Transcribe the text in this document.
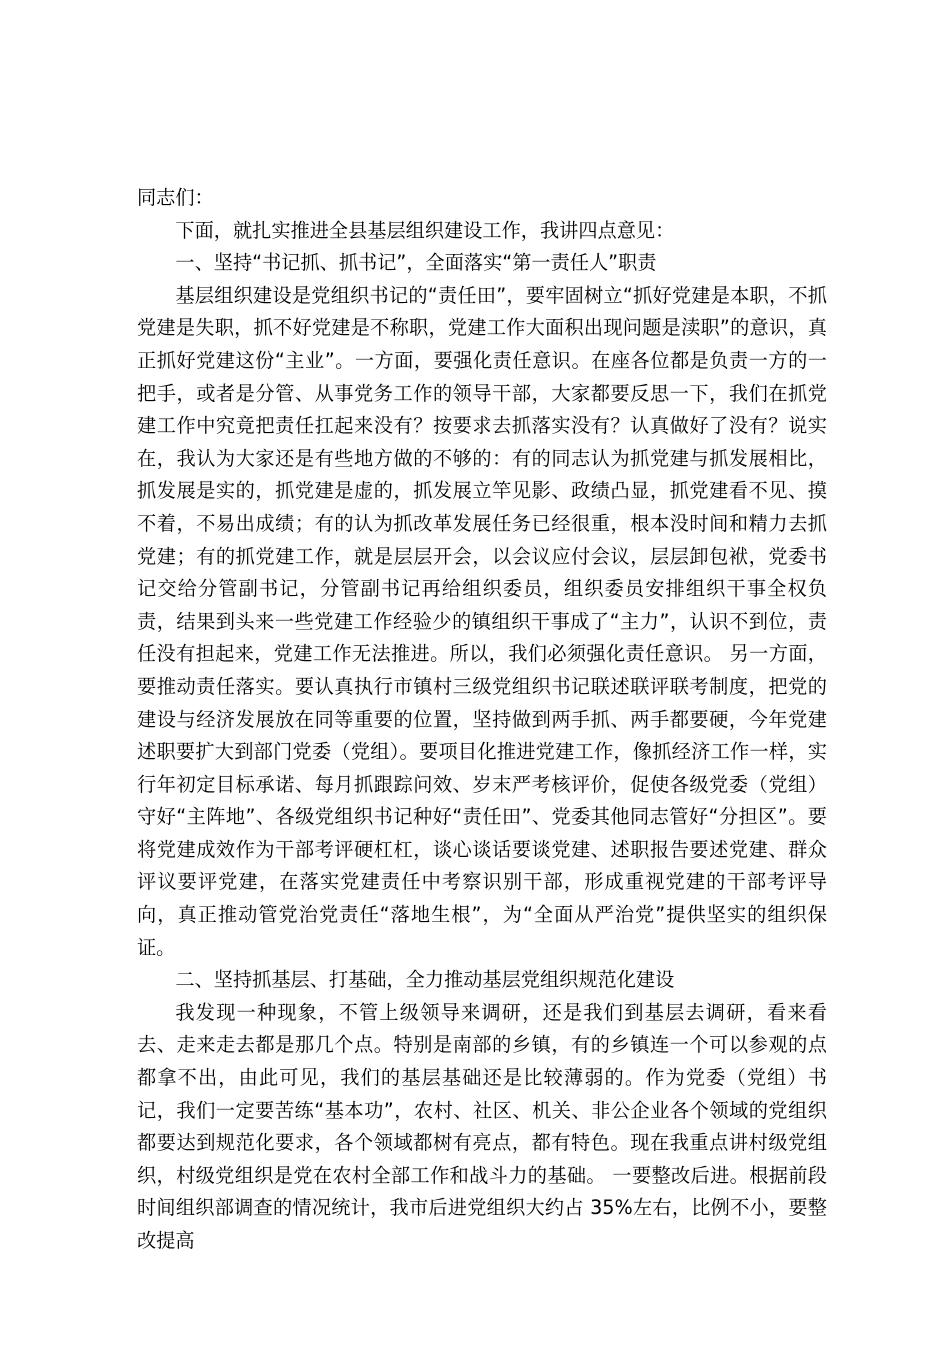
同志们：

下面，就扎实推进全县基层组织建设工作，我讲四点意见：

一、坚持“书记抓、抓书记”，全面落实“第一责任人”职责

基层组织建设是党组织书记的“责任田”，要牢固树立“抓好党建是本职，不抓党建是失职，抓不好党建是不称职，党建工作大面积出现问题是渎职”的意识，真正抓好党建这份“主业”。一方面，要强化责任意识。在座各位都是负责一方的一把手，或者是分管、从事党务工作的领导干部，大家都要反思一下，我们在抓党建工作中究竟把责任扛起来没有？按要求去抓落实没有？认真做好了没有？说实在，我认为大家还是有些地方做的不够的：有的同志认为抓党建与抓发展相比，抓发展是实的，抓党建是虚的，抓发展立竿见影、政绩凸显，抓党建看不见、摸不着，不易出成绩；有的认为抓改革发展任务已经很重，根本没时间和精力去抓党建；有的抓党建工作，就是层层开会，以会议应付会议，层层卸包袱，党委书记交给分管副书记，分管副书记再给组织委员，组织委员安排组织干事全权负责，结果到头来一些党建工作经验少的镇组织干事成了“主力”，认识不到位，责任没有担起来，党建工作无法推进。所以，我们必须强化责任意识。 另一方面，要推动责任落实。要认真执行市镇村三级党组织书记联述联评联考制度，把党的建设与经济发展放在同等重要的位置，坚持做到两手抓、两手都要硬，今年党建述职要扩大到部门党委（党组）。要项目化推进党建工作，像抓经济工作一样，实行年初定目标承诺、每月抓跟踪问效、岁末严考核评价，促使各级党委（党组）守好“主阵地”、各级党组织书记种好“责任田”、党委其他同志管好“分担区”。要将党建成效作为干部考评硬杠杠，谈心谈话要谈党建、述职报告要述党建、群众评议要评党建，在落实党建责任中考察识别干部，形成重视党建的干部考评导向，真正推动管党治党责任“落地生根”，为“全面从严治党”提供坚实的组织保证。

二、坚持抓基层、打基础，全力推动基层党组织规范化建设

我发现一种现象，不管上级领导来调研，还是我们到基层去调研，看来看去、走来走去都是那几个点。特别是南部的乡镇，有的乡镇连一个可以参观的点都拿不出，由此可见，我们的基层基础还是比较薄弱的。作为党委（党组）书记，我们一定要苦练“基本功”，农村、社区、机关、非公企业各个领域的党组织都要达到规范化要求，各个领域都树有亮点，都有特色。现在我重点讲村级党组织，村级党组织是党在农村全部工作和战斗力的基础。 一要整改后进。根据前段时间组织部调查的情况统计，我市后进党组织大约占 35%左右，比例不小，要整改提高
